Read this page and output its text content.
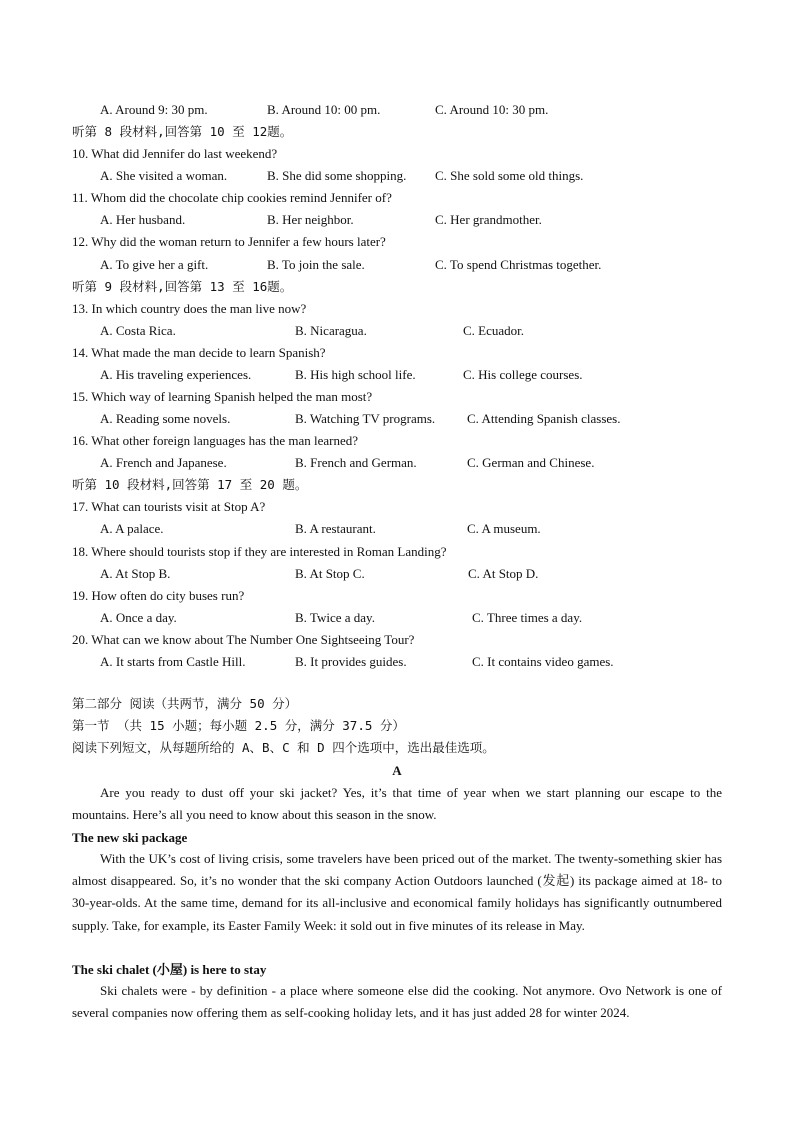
A. Around 9: 30 pm.	B. Around 10: 00 pm.	C. Around 10: 30 pm.
听第 8 段材料,回答第 10 至 12题。
10. What did Jennifer do last weekend?
A. She visited a woman.	B. She did some shopping. C. She sold some old things.
11. Whom did the chocolate chip cookies remind Jennifer of?
A. Her husband.	B. Her neighbor.	C. Her grandmother.
12. Why did the woman return to Jennifer a few hours later?
A. To give her a gift.	B. To join the sale.	C. To spend Christmas together.
听第 9 段材料,回答第 13 至 16题。
13. In which country does the man live now?
A. Costa Rica.	B. Nicaragua.	C. Ecuador.
14. What made the man decide to learn Spanish?
A. His traveling experiences.	B. His high school life.	C. His college courses.
15. Which way of learning Spanish helped the man most?
A. Reading some novels.	B. Watching TV programs. C. Attending Spanish classes.
16. What other foreign languages has the man learned?
A. French and Japanese.	B. French and German.	C. German and Chinese.
听第 10 段材料,回答第 17 至 20 题。
17. What can tourists visit at Stop A?
A. A palace.	B. A restaurant.	C. A museum.
18. Where should tourists stop if they are interested in Roman Landing?
A. At Stop B.	B. At Stop C.	C. At Stop D.
19. How often do city buses run?
A. Once a day.	B. Twice a day.	C. Three times a day.
20. What can we know about The Number One Sightseeing Tour?
A. It starts from Castle Hill.	B. It provides guides.	C. It contains video games.
第二部分 阅读（共两节，满分 50 分）
第一节 （共 15 小题；每小题 2.5 分，满分 37.5 分）
阅读下列短文，从每题所给的 A、B、C 和 D 四个选项中，选出最佳选项。
A
Are you ready to dust off your ski jacket? Yes, it’s that time of year when we start planning our escape to the mountains. Here’s all you need to know about this season in the snow.
The new ski package
With the UK’s cost of living crisis, some travelers have been priced out of the market. The twenty-something skier has almost disappeared. So, it’s no wonder that the ski company Action Outdoors launched (发起) its package aimed at 18- to 30-year-olds. At the same time, demand for its all-inclusive and economical family holidays has significantly outnumbered supply. Take, for example, its Easter Family Week: it sold out in five minutes of its release in May.
The ski chalet (小屋) is here to stay
Ski chalets were - by definition - a place where someone else did the cooking. Not anymore. Ovo Network is one of several companies now offering them as self-cooking holiday lets, and it has just added 28 for winter 2024.
